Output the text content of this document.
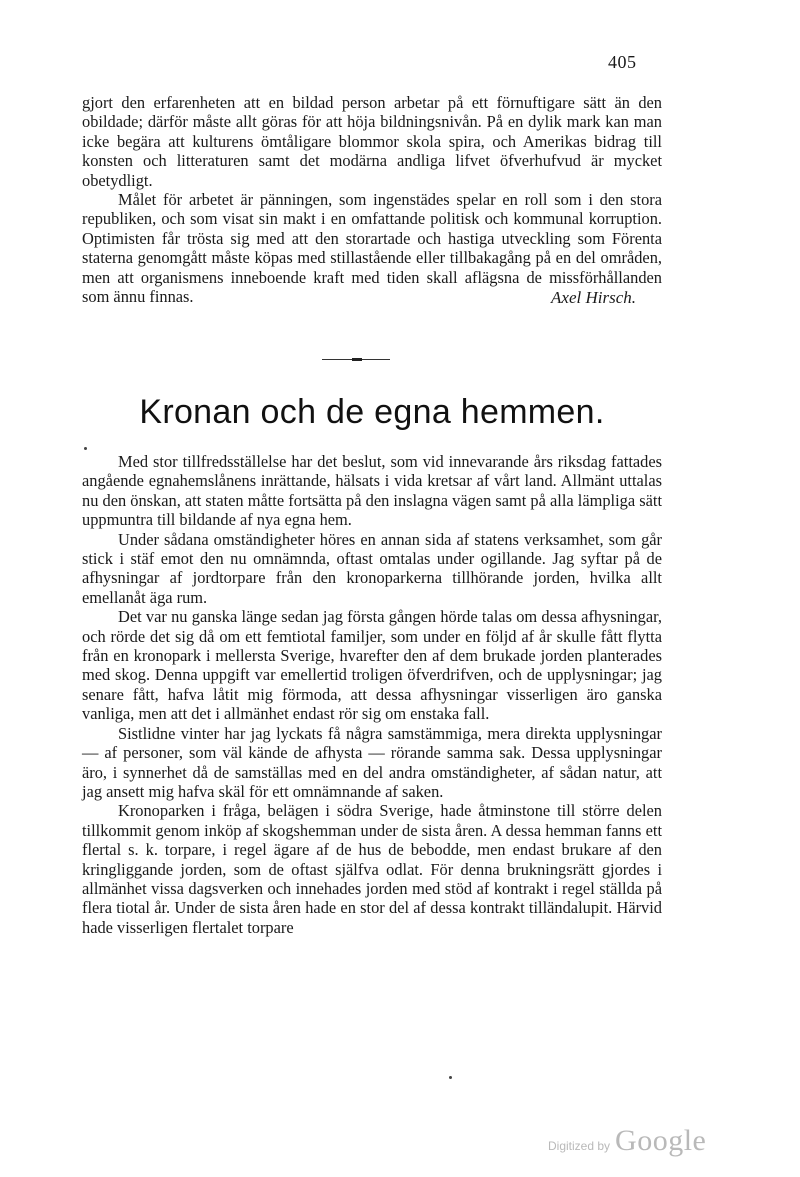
405

gjort den erfarenheten att en bildad person arbetar på ett förnuftigare sätt än den obildade; därför måste allt göras för att höja bildningsnivån. På en dylik mark kan man icke begära att kulturens ömtåligare blommor skola spira, och Amerikas bidrag till konsten och litteraturen samt det modärna andliga lifvet öfverhufvud är mycket obetydligt.

Målet för arbetet är pänningen, som ingenstädes spelar en roll som i den stora republiken, och som visat sin makt i en omfattande politisk och kommunal korruption. Optimisten får trösta sig med att den storartade och hastiga utveckling som Förenta staterna genomgått måste köpas med stillastående eller tillbakagång på en del områden, men att organismens inneboende kraft med tiden skall aflägsna de missförhållanden som ännu finnas.	Axel Hirsch.
Kronan och de egna hemmen.

Med stor tillfredsställelse har det beslut, som vid innevarande års riksdag fattades angående egnahemslånens inrättande, hälsats i vida kretsar af vårt land. Allmänt uttalas nu den önskan, att staten måtte fortsätta på den inslagna vägen samt på alla lämpliga sätt uppmuntra till bildande af nya egna hem.

Under sådana omständigheter höres en annan sida af statens verksamhet, som går stick i stäf emot den nu omnämnda, oftast omtalas under ogillande. Jag syftar på de afhysningar af jordtorpare från den kronoparkerna tillhörande jorden, hvilka allt emellanåt äga rum.

Det var nu ganska länge sedan jag första gången hörde talas om dessa afhysningar, och rörde det sig då om ett femtiotal familjer, som under en följd af år skulle fått flytta från en kronopark i mellersta Sverige, hvarefter den af dem brukade jorden planterades med skog. Denna uppgift var emellertid troligen öfverdrifven, och de upplysningar; jag senare fått, hafva låtit mig förmoda, att dessa afhysningar visserligen äro ganska vanliga, men att det i allmänhet endast rör sig om enstaka fall.

Sistlidne vinter har jag lyckats få några samstämmiga, mera direkta upplysningar — af personer, som väl kände de afhysta — rörande samma sak. Dessa upplysningar äro, i synnerhet då de samställas med en del andra omständigheter, af sådan natur, att jag ansett mig hafva skäl för ett omnämnande af saken.

Kronoparken i fråga, belägen i södra Sverige, hade åtminstone till större delen tillkommit genom inköp af skogshemman under de sista åren. A dessa hemman fanns ett flertal s. k. torpare, i regel ägare af de hus de bebodde, men endast brukare af den kringliggande jorden, som de oftast själfva odlat. För denna brukningsrätt gjordes i allmänhet vissa dagsverken och innehades jorden med stöd af kontrakt i regel ställda på flera tiotal år. Under de sista åren hade en stor del af dessa kontrakt tilländalupit. Härvid hade visserligen flertalet torpare

Digitized by Google
